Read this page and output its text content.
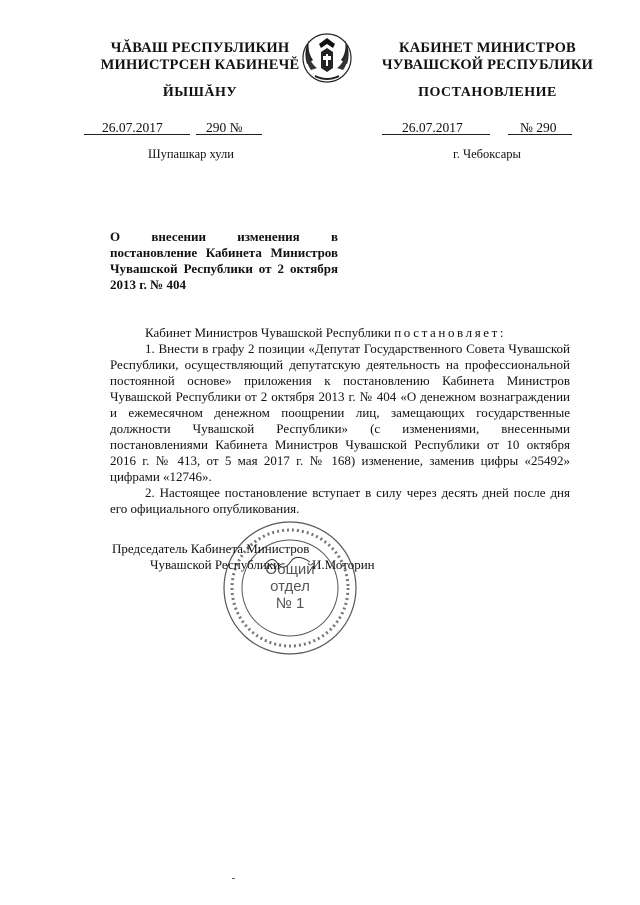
ЧĂВАШ РЕСПУБЛИКИН
МИНИСТРСЕН КАБИНЕЧĔ
ЙЫШĂНУ
КАБИНЕТ МИНИСТРОВ
ЧУВАШСКОЙ РЕСПУБЛИКИ
ПОСТАНОВЛЕНИЕ
26.07.2017	290 №
Шупашкар хули
26.07.2017	№ 290
г. Чебоксары
О внесении изменения в постановление Кабинета Министров Чувашской Республики от 2 октября 2013 г. № 404

Кабинет Министров Чувашской Республики постановляет:

1. Внести в графу 2 позиции «Депутат Государственного Совета Чувашской Республики, осуществляющий депутатскую деятельность на профессиональной постоянной основе» приложения к постановлению Кабинета Министров Чувашской Республики от 2 октября 2013 г. № 404 «О денежном вознаграждении и ежемесячном денежном поощрении лиц, замещающих государственные должности Чувашской Республики» (с изменениями, внесенными постановлениями Кабинета Министров Чувашской Республики от 10 октября 2016 г. № 413, от 5 мая 2017 г. № 168) изменение, заменив цифры «25492» цифрами «12746».

2. Настоящее постановление вступает в силу через десять дней после дня его официального опубликования.

Общий
отдел
№ 1
Председатель Кабинета Министров
Чувашской Республики И.Моторин
